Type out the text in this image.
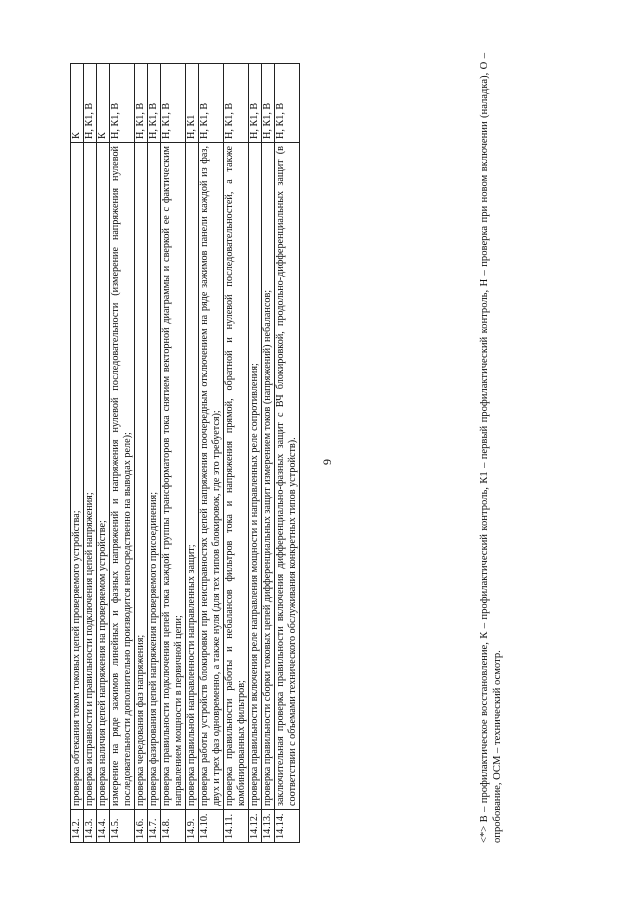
9
14.2.	проверка обтекания током токовых цепей проверяемого устройства;	К
14.3.	проверка исправности и правильности подключения цепей напряжения;	Н, К1, В
14.4.	проверка наличия цепей напряжения на проверяемом устройстве;	К
14.5.	измерение на ряде зажимов линейных и фазных напряжений и напряжения нулевой последовательности (измерение напряжения нулевой последовательности дополнительно производится непосредственно на выводах реле);	Н, К1, В
14.6.	проверка чередования фаз напряжения;	Н, К1, В
14.7.	проверка фазирования цепей напряжения проверяемого присоединения;	Н, К1, В
14.8.	проверка правильности подключения цепей тока каждой группы трансформаторов тока снятием векторной диаграммы и сверкой ее с фактическим направлением мощности в первичной цепи;	Н, К1, В
14.9.	проверка правильной направленности направленных защит;	Н, К1
14.10.	проверка работы устройств блокировки при неисправностях цепей напряжения поочередным отключением на ряде зажимов панели каждой из фаз, двух и трех фаз одновременно, а также нуля (для тех типов блокировок, где это требуется);	Н, К1, В
14.11.	проверка правильности работы и небалансов фильтров тока и напряжения прямой, обратной и нулевой последовательностей, а также комбинированных фильтров;	Н, К1, В
14.12.	проверка правильности включения реле направления мощности и направленных реле сопротивления;	Н, К1, В
14.13.	проверка правильности сборки токовых цепей дифференциальных защит измерением токов (напряжений) небалансов;	Н, К1, В
14.14.	заключительная проверка правильности включения дифференциально-фазных защит с ВЧ блокировкой, продольно-дифференциальных защит (в соответствии с объемами технического обслуживания конкретных типов устройств).	Н, К1, В	<*> В – профилактическое восстановление, К – профилактический контроль, К1 – первый профилактический контроль, Н – проверка при новом включении (наладка), О – опробование, ОСМ – технический осмотр.
